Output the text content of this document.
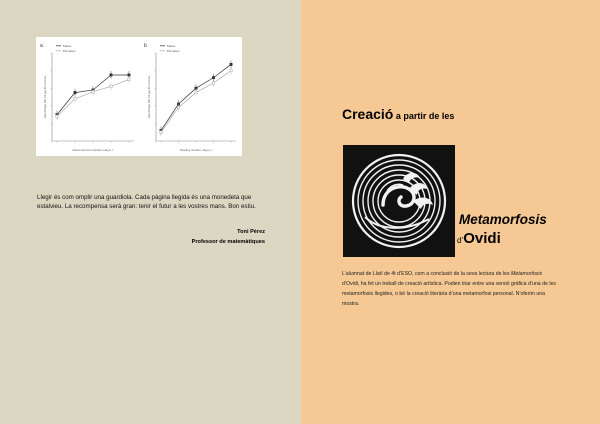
a	Mates
Pixmates
Metamorphosis duration (days) ×
Hemorrhage HEI (% age-60 controls)
b	Mates
Pixmates
Reading duration (days) ×
Hemorrhage HEI (% age-60 controls)
Llegir és com omplir una guardiola. Cada pàgina llegida és una monedeta que estalvieu. La recompensa serà gran: tenir el futur a les vostres mans. Bon estiu.
Toni Pérez
Professor de matemàtiques
Creació a partir de les
Metamorfosis
d’Ovidi
L’alumnat de Llatí de 4t d’ESO, com a conclusió de la seva lectura de les Metamorfosis d’Ovidi, ha fet un treball de creació artística. Podien triar entre una versió gràfica d’una de les metamorfosis llegides, o bé la creació literària d’una metamorfosi personal. N’oferim una mostra.
